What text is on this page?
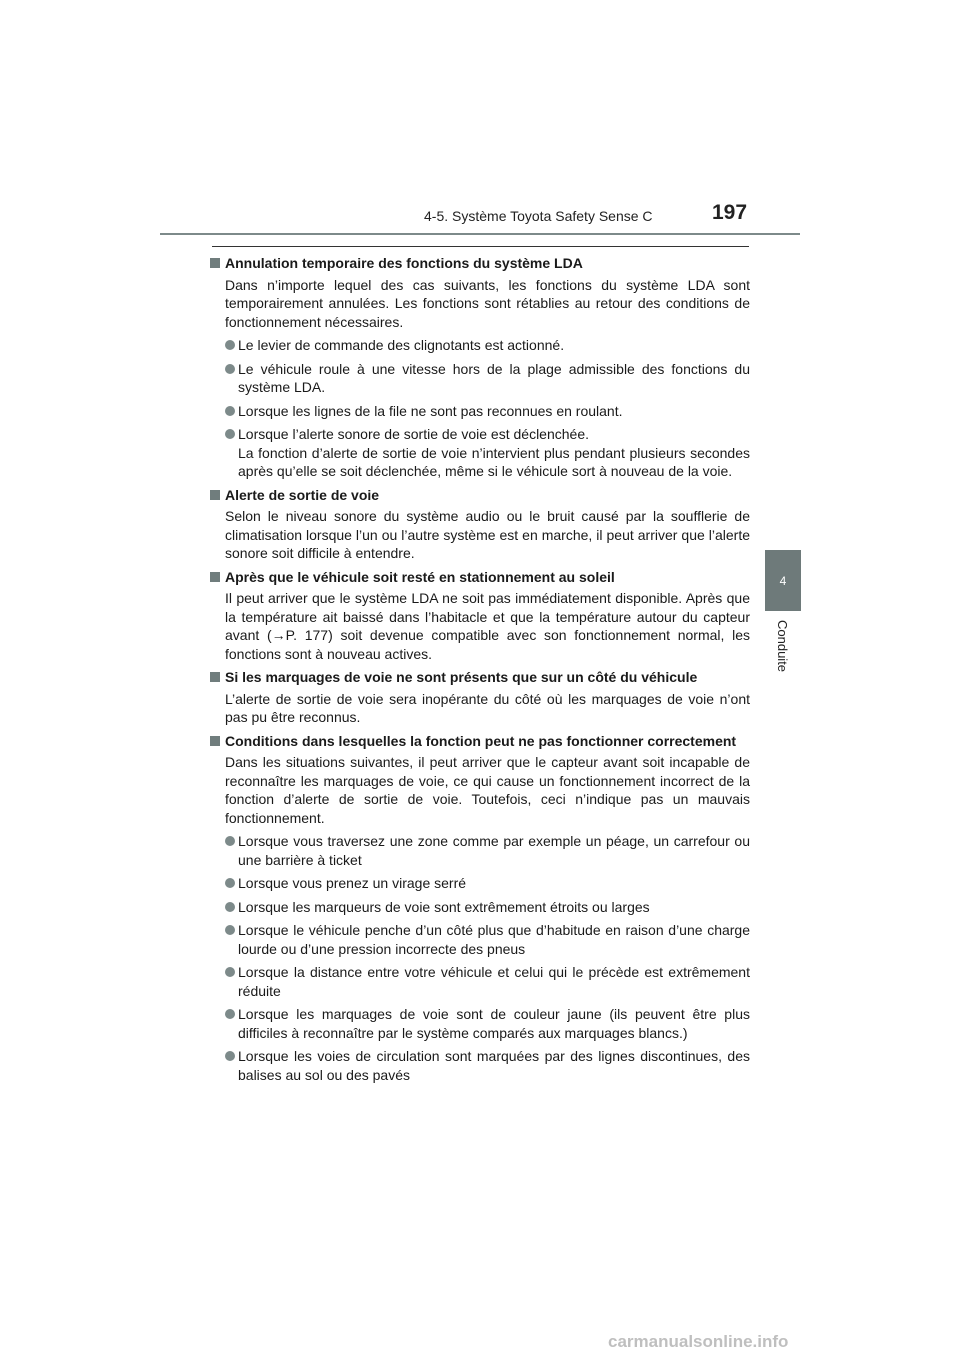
4-5. Système Toyota Safety Sense C	197
4
Conduite
Annulation temporaire des fonctions du système LDA
Dans n’importe lequel des cas suivants, les fonctions du système LDA sont temporairement annulées. Les fonctions sont rétablies au retour des conditions de fonctionnement nécessaires.
Le levier de commande des clignotants est actionné.
Le véhicule roule à une vitesse hors de la plage admissible des fonctions du système LDA.
Lorsque les lignes de la file ne sont pas reconnues en roulant.
Lorsque l’alerte sonore de sortie de voie est déclenchée.
La fonction d’alerte de sortie de voie n’intervient plus pendant plusieurs secondes après qu’elle se soit déclenchée, même si le véhicule sort à nouveau de la voie.
Alerte de sortie de voie
Selon le niveau sonore du système audio ou le bruit causé par la soufflerie de climatisation lorsque l’un ou l’autre système est en marche, il peut arriver que l’alerte sonore soit difficile à entendre.
Après que le véhicule soit resté en stationnement au soleil
Il peut arriver que le système LDA ne soit pas immédiatement disponible. Après que la température ait baissé dans l’habitacle et que la température autour du capteur avant (→P. 177) soit devenue compatible avec son fonctionnement normal, les fonctions sont à nouveau actives.
Si les marquages de voie ne sont présents que sur un côté du véhicule
L’alerte de sortie de voie sera inopérante du côté où les marquages de voie n’ont pas pu être reconnus.
Conditions dans lesquelles la fonction peut ne pas fonctionner correctement
Dans les situations suivantes, il peut arriver que le capteur avant soit incapable de reconnaître les marquages de voie, ce qui cause un fonctionnement incorrect de la fonction d’alerte de sortie de voie. Toutefois, ceci n’indique pas un mauvais fonctionnement.
Lorsque vous traversez une zone comme par exemple un péage, un carrefour ou une barrière à ticket
Lorsque vous prenez un virage serré
Lorsque les marqueurs de voie sont extrêmement étroits ou larges
Lorsque le véhicule penche d’un côté plus que d’habitude en raison d’une charge lourde ou d’une pression incorrecte des pneus
Lorsque la distance entre votre véhicule et celui qui le précède est extrêmement réduite
Lorsque les marquages de voie sont de couleur jaune (ils peuvent être plus difficiles à reconnaître par le système comparés aux marquages blancs.)
Lorsque les voies de circulation sont marquées par des lignes discontinues, des balises au sol ou des pavés
carmanualsonline.info
